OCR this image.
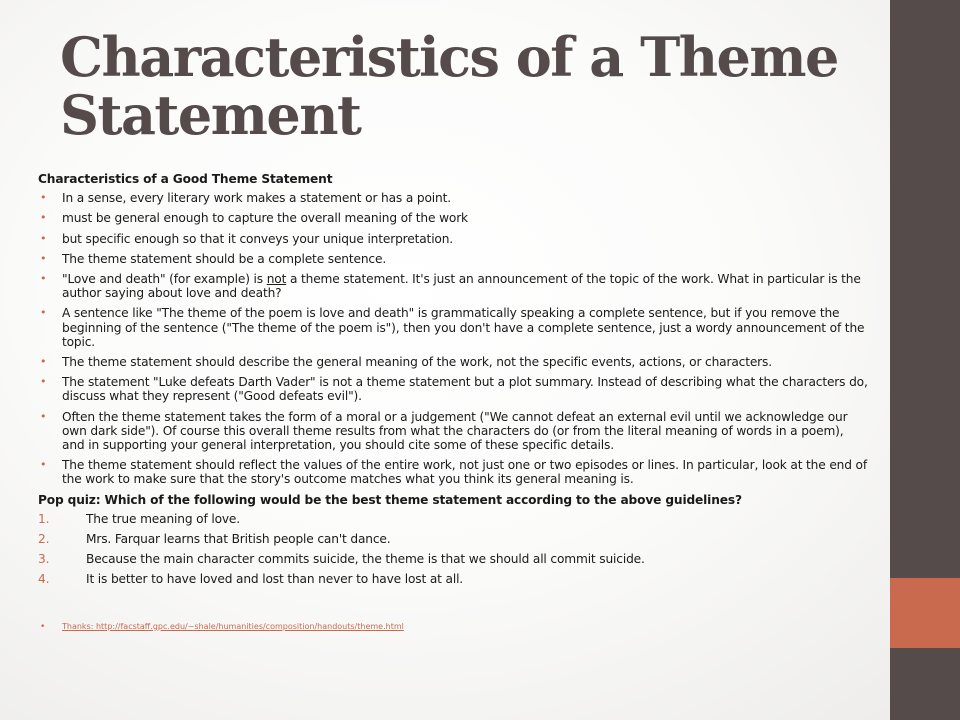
Characteristics of a Theme Statement
Characteristics of a Good Theme Statement
• In a sense, every literary work makes a statement or has a point.
• must be general enough to capture the overall meaning of the work
• but specific enough so that it conveys your unique interpretation.
• The theme statement should be a complete sentence.
• "Love and death" (for example) is not a theme statement. It's just an announcement of the topic of the work. What in particular is the author saying about love and death?
• A sentence like "The theme of the poem is love and death" is grammatically speaking a complete sentence, but if you remove the beginning of the sentence ("The theme of the poem is"), then you don't have a complete sentence, just a wordy announcement of the topic.
• The theme statement should describe the general meaning of the work, not the specific events, actions, or characters.
• The statement "Luke defeats Darth Vader" is not a theme statement but a plot summary. Instead of describing what the characters do, discuss what they represent ("Good defeats evil").
• Often the theme statement takes the form of a moral or a judgement ("We cannot defeat an external evil until we acknowledge our own dark side"). Of course this overall theme results from what the characters do (or from the literal meaning of words in a poem), and in supporting your general interpretation, you should cite some of these specific details.
• The theme statement should reflect the values of the entire work, not just one or two episodes or lines. In particular, look at the end of the work to make sure that the story's outcome matches what you think its general meaning is.
Pop quiz: Which of the following would be the best theme statement according to the above guidelines?
1.	The true meaning of love.
2.	Mrs. Farquar learns that British people can't dance.
3.	Because the main character commits suicide, the theme is that we should all commit suicide.
4.	It is better to have loved and lost than never to have lost at all.
• Thanks: http://facstaff.gpc.edu/~shale/humanities/composition/handouts/theme.html
